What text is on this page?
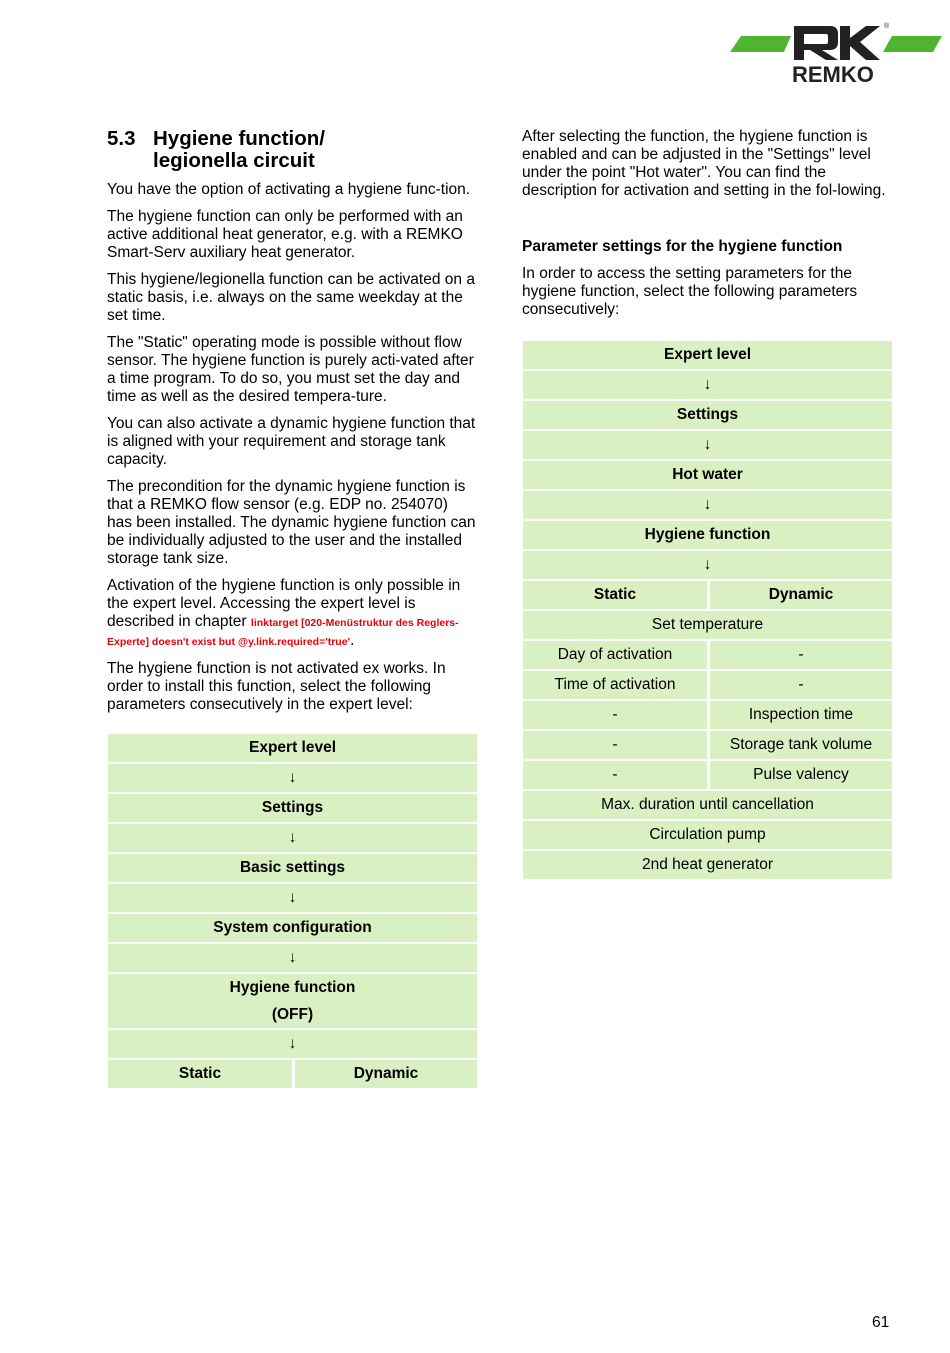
®
REMKO
5.3 Hygiene function/
legionella circuit

You have the option of activating a hygiene func-tion.

The hygiene function can only be performed with an active additional heat generator, e.g. with a REMKO Smart-Serv auxiliary heat generator.

This hygiene/legionella function can be activated on a static basis, i.e. always on the same weekday at the set time.

The "Static" operating mode is possible without flow sensor. The hygiene function is purely acti-vated after a time program. To do so, you must set the day and time as well as the desired tempera-ture.

You can also activate a dynamic hygiene function that is aligned with your requirement and storage tank capacity.

The precondition for the dynamic hygiene function is that a REMKO flow sensor (e.g. EDP no. 254070) has been installed. The dynamic hygiene function can be individually adjusted to the user and the installed storage tank size.

Activation of the hygiene function is only possible in the expert level. Accessing the expert level is described in chapter linktarget [020-Menüstruktur des Reglers-Experte] doesn't exist but @y.link.required='true'.

The hygiene function is not activated ex works. In order to install this function, select the following parameters consecutively in the expert level:

Expert level
↓
Settings
↓
Basic settings
↓
System configuration
↓
Hygiene function
(OFF)
↓
Static	Dynamic

After selecting the function, the hygiene function is enabled and can be adjusted in the "Settings" level under the point "Hot water". You can find the description for activation and setting in the fol-lowing.

Parameter settings for the hygiene function

In order to access the setting parameters for the hygiene function, select the following parameters consecutively:

Expert level	
↓	
Settings	
↓	
Hot water	
↓	
Hygiene function	
↓	
Static	Dynamic
Set temperature	
Day of activation	-
Time of activation	-
-	Inspection time
-	Storage tank volume
-	Pulse valency
Max. duration until cancellation	
Circulation pump	
2nd heat generator	
61
